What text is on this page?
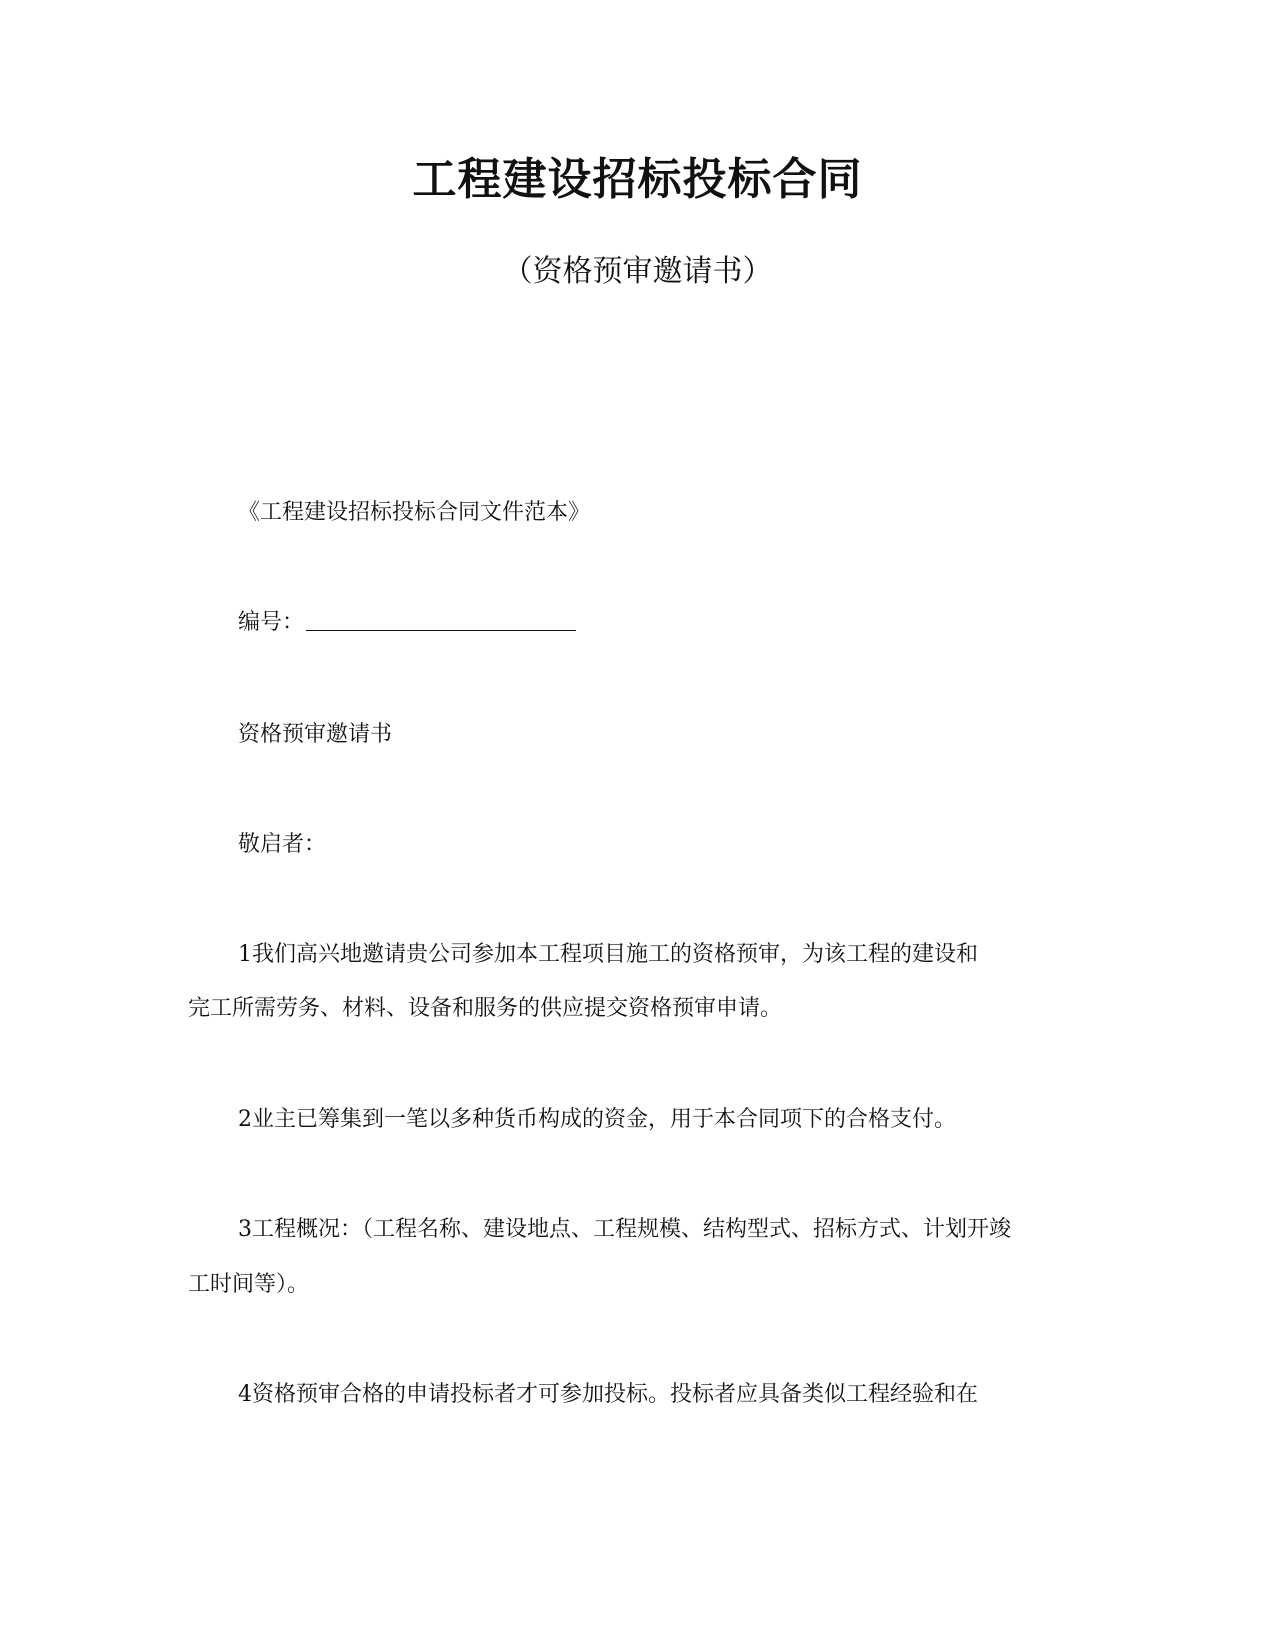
工程建设招标投标合同
（资格预审邀请书）
《工程建设招标投标合同文件范本》
编号：
资格预审邀请书
敬启者：
1我们高兴地邀请贵公司参加本工程项目施工的资格预审，为该工程的建设和
完工所需劳务、材料、设备和服务的供应提交资格预审申请。
2业主已筹集到一笔以多种货币构成的资金，用于本合同项下的合格支付。
3工程概况：（工程名称、建设地点、工程规模、结构型式、招标方式、计划开竣
工时间等）。
4资格预审合格的申请投标者才可参加投标。投标者应具备类似工程经验和在
